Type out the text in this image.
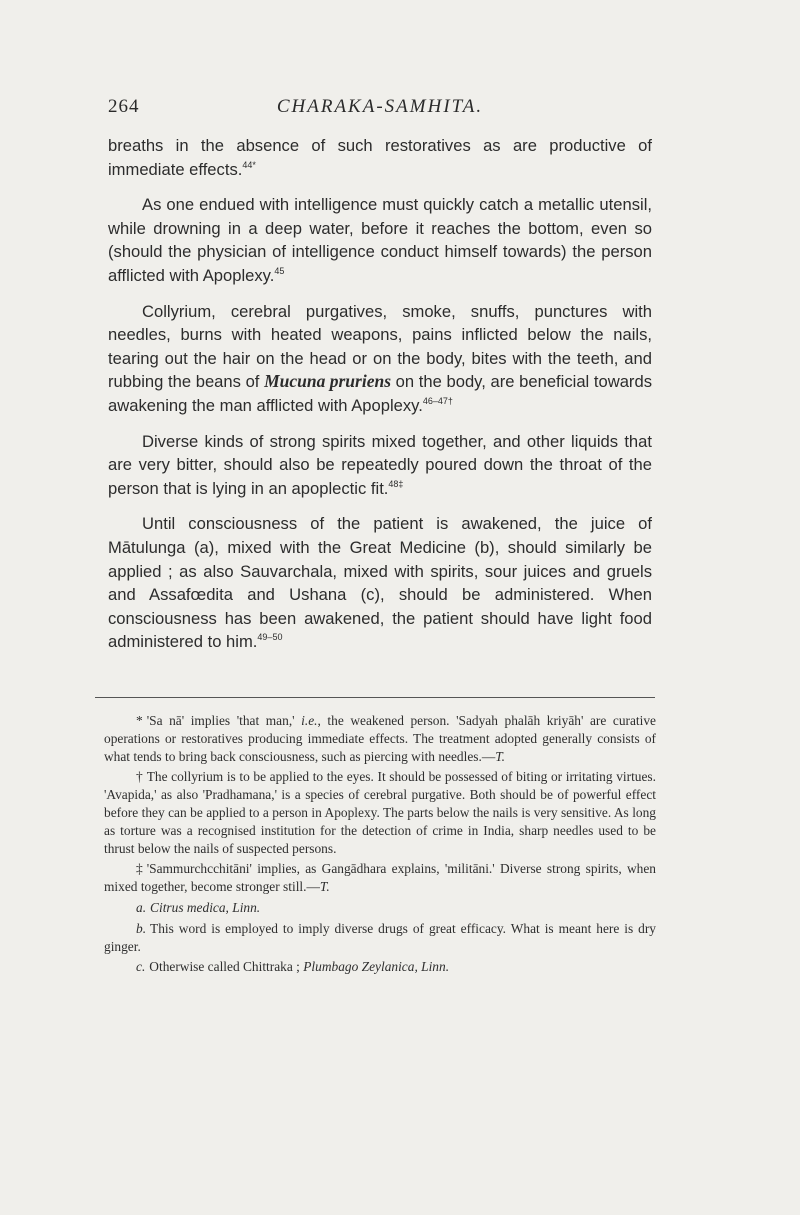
264	CHARAKA-SAMHITA.

breaths in the absence of such restoratives as are productive of immediate effects.$^{44*}$

As one endued with intelligence must quickly catch a metallic utensil, while drowning in a deep water, before it reaches the bottom, even so (should the physician of intelligence conduct himself towards) the person afflicted with Apoplexy.$^{45}$

Collyrium, cerebral purgatives, smoke, snuffs, punctures with needles, burns with heated weapons, pains inflicted below the nails, tearing out the hair on the head or on the body, bites with the teeth, and rubbing the beans of Mucuna pruriens on the body, are beneficial towards awakening the man afflicted with Apoplexy.$^{46-47\dagger}$

Diverse kinds of strong spirits mixed together, and other liquids that are very bitter, should also be repeatedly poured down the throat of the person that is lying in an apoplectic fit.$^{48\ddagger}$

Until consciousness of the patient is awakened, the juice of Mātulunga (a), mixed with the Great Medicine (b), should similarly be applied ; as also Sauvarchala, mixed with spirits, sour juices and gruels and Assafœdita and Ushana (c), should be administered. When consciousness has been awakened, the patient should have light food administered to him.$^{49-50}$

* 'Sa nā' implies 'that man,' i.e., the weakened person. 'Sadyah phalāh kriyāh' are curative operations or restoratives producing immediate effects. The treatment adopted generally consists of what tends to bring back consciousness, such as piercing with needles.—T.

† The collyrium is to be applied to the eyes. It should be possessed of biting or irritating virtues. 'Avapida,' as also 'Pradhamana,' is a species of cerebral purgative. Both should be of powerful effect before they can be applied to a person in Apoplexy. The parts below the nails is very sensitive. As long as torture was a recognised institution for the detection of crime in India, sharp needles used to be thrust below the nails of suspected persons.

‡ 'Sammurchcchitāni' implies, as Gangādhara explains, 'militāni.' Diverse strong spirits, when mixed together, become stronger still.—T.

a. Citrus medica, Linn.

b. This word is employed to imply diverse drugs of great efficacy. What is meant here is dry ginger.

c. Otherwise called Chittraka ; Plumbago Zeylanica, Linn.
